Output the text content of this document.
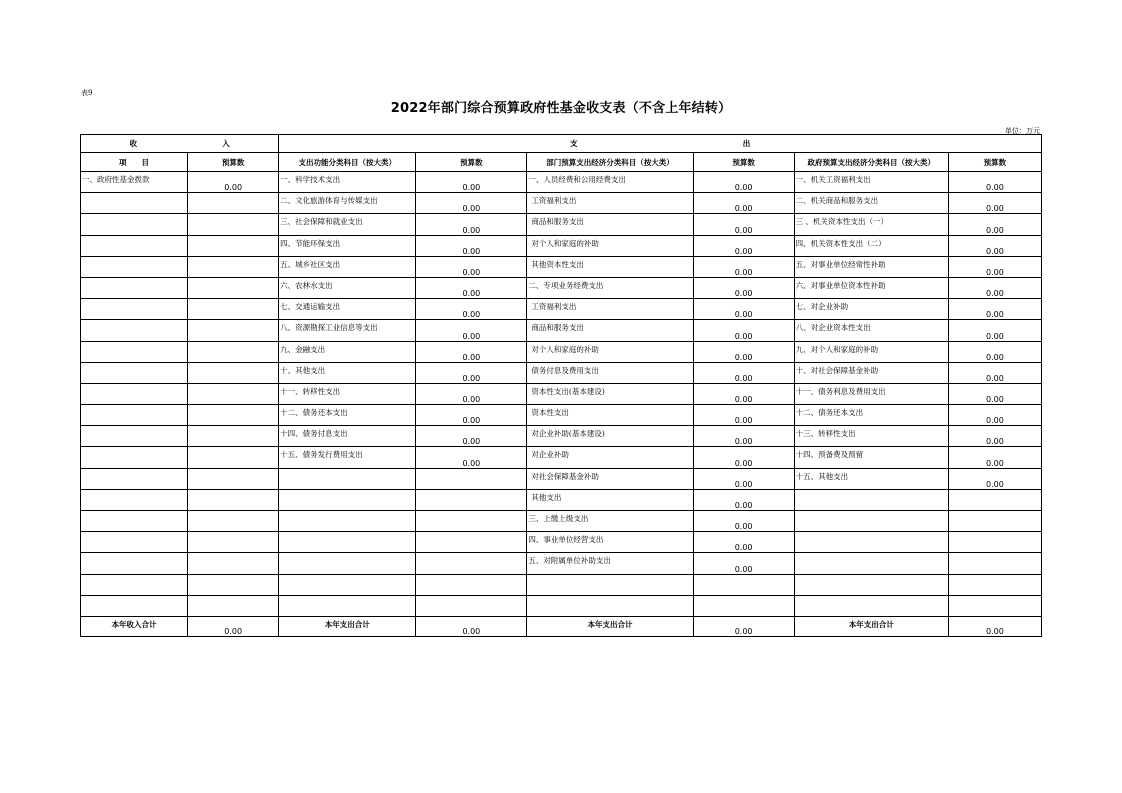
表9
2022年部门综合预算政府性基金收支表（不含上年结转）
单位：万元
收 入		支 出					
项　　目	预算数	支出功能分类科目（按大类）	预算数	部门预算支出经济分类科目（按大类）	预算数	政府预算支出经济分类科目（按大类）	预算数
一、政府性基金拨款	0.00	一、科学技术支出	0.00	一、人员经费和公用经费支出	0.00	一、机关工资福利支出	0.00
		二、文化旅游体育与传媒支出	0.00	工资福利支出	0.00	二、机关商品和服务支出	0.00
		三、社会保障和就业支出	0.00	商品和服务支出	0.00	三 、机关资本性支出（一）	0.00
		四、节能环保支出	0.00	对个人和家庭的补助	0.00	四、机关资本性支出（二）	0.00
		五、城乡社区支出	0.00	其他资本性支出	0.00	五、对事业单位经常性补助	0.00
		六、农林水支出	0.00	二、专项业务经费支出	0.00	六、对事业单位资本性补助	0.00
		七、交通运输支出	0.00	工资福利支出	0.00	七、对企业补助	0.00
		八、资源勘探工业信息等支出	0.00	商品和服务支出	0.00	八、对企业资本性支出	0.00
		九、金融支出	0.00	对个人和家庭的补助	0.00	九、对个人和家庭的补助	0.00
		十、其他支出	0.00	债务付息及费用支出	0.00	十、对社会保障基金补助	0.00
		十一、转移性支出	0.00	资本性支出(基本建设)	0.00	十一、债务利息及费用支出	0.00
		十二、债务还本支出	0.00	资本性支出	0.00	十二、债务还本支出	0.00
		十四、债务付息支出	0.00	对企业补助(基本建设)	0.00	十三、转移性支出	0.00
		十五、债务发行费用支出	0.00	对企业补助	0.00	十四、预备费及预留	0.00
				对社会保障基金补助	0.00	十五、其他支出	0.00
				其他支出	0.00		
				三、上缴上级支出	0.00		
				四、事业单位经营支出	0.00		
				五、对附属单位补助支出	0.00		

本年收入合计	0.00	本年支出合计	0.00	本年支出合计	0.00	本年支出合计	0.00
